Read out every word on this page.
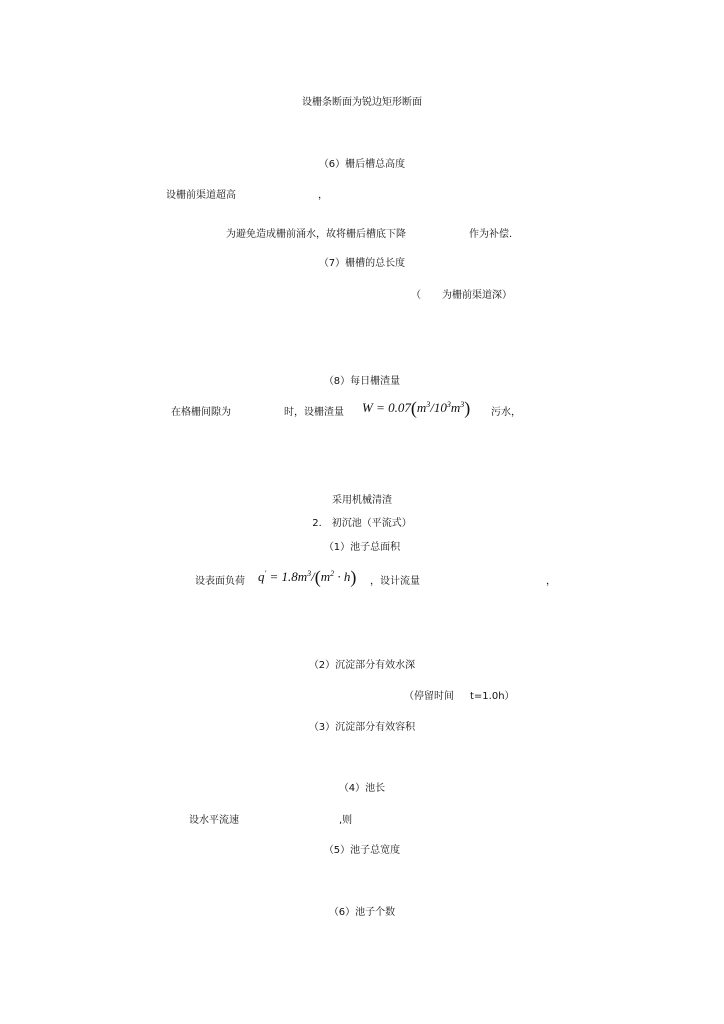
设栅条断面为锐边矩形断面
（6）栅后槽总高度
设栅前渠道超高	，
为避免造成栅前涌水，故将栅后槽底下降	作为补偿．
（7）栅槽的总长度
（ 为栅前渠道深）
（8）每日栅渣量
在格栅间隙为	时，设栅渣量 $W = 0.07(m^3/10^3m^3)$ 污水，
采用机械清渣
2． 初沉池（平流式）
（1）池子总面积
设表面负荷 $q' = 1.8m^3/(m^2 \cdot h)$ ，设计流量	，
（2）沉淀部分有效水深
（停留时间 t=1.0h）
（3）沉淀部分有效容积
（4）池长
设水平流速	,则
（5）池子总宽度
（6）池子个数
